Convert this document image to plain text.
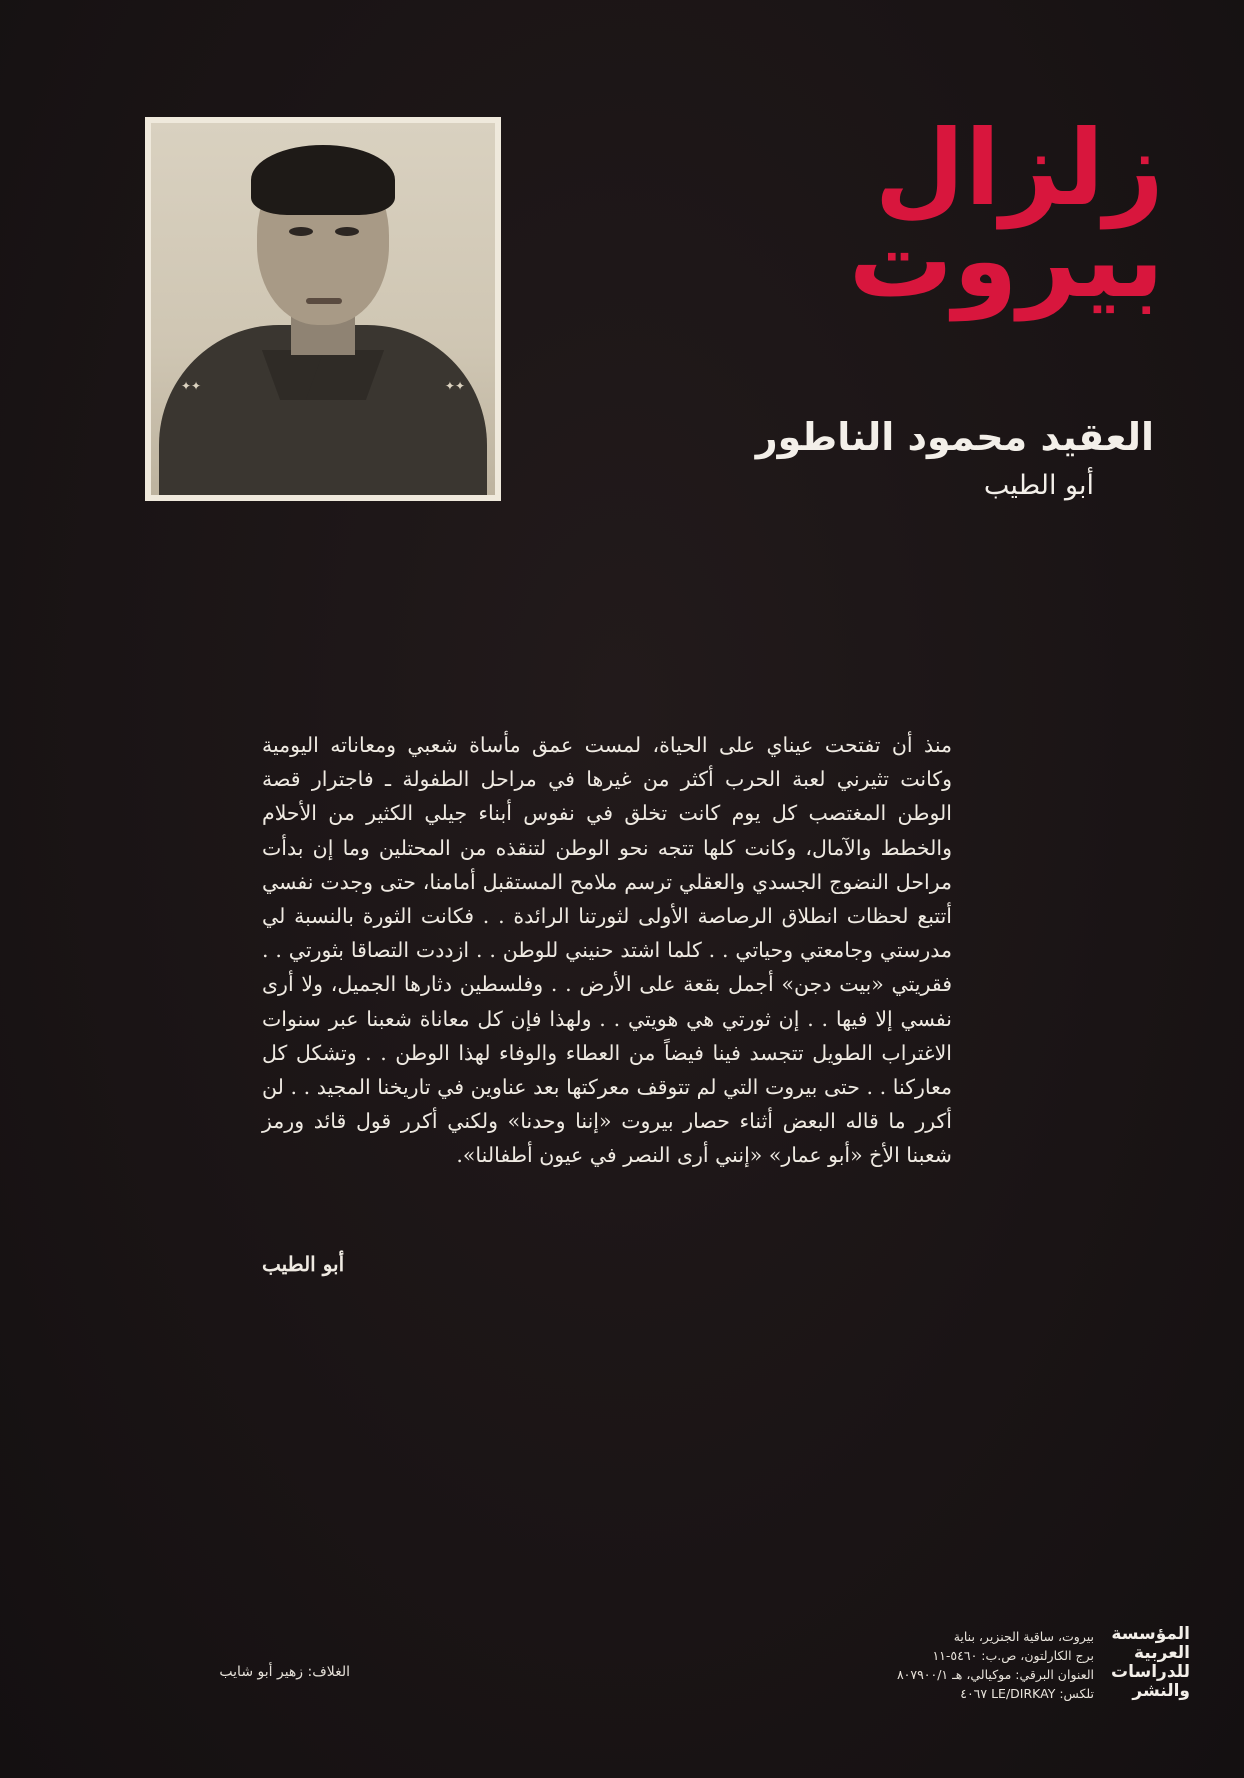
✦✦	✦✦
زلزال
بيروت
العقيد محمود الناطور
أبو الطيب
منذ أن تفتحت عيناي على الحياة، لمست عمق مأساة شعبي ومعاناته اليومية وكانت تثيرني لعبة الحرب أكثر من غيرها في مراحل الطفولة ـ فاجترار قصة الوطن المغتصب كل يوم كانت تخلق في نفوس أبناء جيلي الكثير من الأحلام والخطط والآمال، وكانت كلها تتجه نحو الوطن لتنقذه من المحتلين وما إن بدأت مراحل النضوج الجسدي والعقلي ترسم ملامح المستقبل أمامنا، حتى وجدت نفسي أتتبع لحظات انطلاق الرصاصة الأولى لثورتنا الرائدة . . فكانت الثورة بالنسبة لي مدرستي وجامعتي وحياتي . . كلما اشتد حنيني للوطن . . ازددت التصاقا بثورتي . . فقريتي «بيت دجن» أجمل بقعة على الأرض . . وفلسطين دثارها الجميل، ولا أرى نفسي إلا فيها . . إن ثورتي هي هويتي . . ولهذا فإن كل معاناة شعبنا عبر سنوات الاغتراب الطويل تتجسد فينا فيضاً من العطاء والوفاء لهذا الوطن . . وتشكل كل معاركنا . . حتى بيروت التي لم تتوقف معركتها بعد عناوين في تاريخنا المجيد . . لن أكرر ما قاله البعض أثناء حصار بيروت «إننا وحدنا» ولكني أكرر قول قائد ورمز شعبنا الأخ «أبو عمار» «إنني أرى النصر في عيون أطفالنا».
أبو الطيب
الغلاف: زهير أبو شايب
المؤسسة
العربية
للدراسات
والنشر
بيروت، ساقية الجنزير، بناية
برج الكارلتون، ص.ب: ٥٤٦٠-١١
العنوان البرقي: موكيالي، هـ ٨٠٧٩٠٠/١
تلكس: LE/DIRKAY ٤٠٦٧
